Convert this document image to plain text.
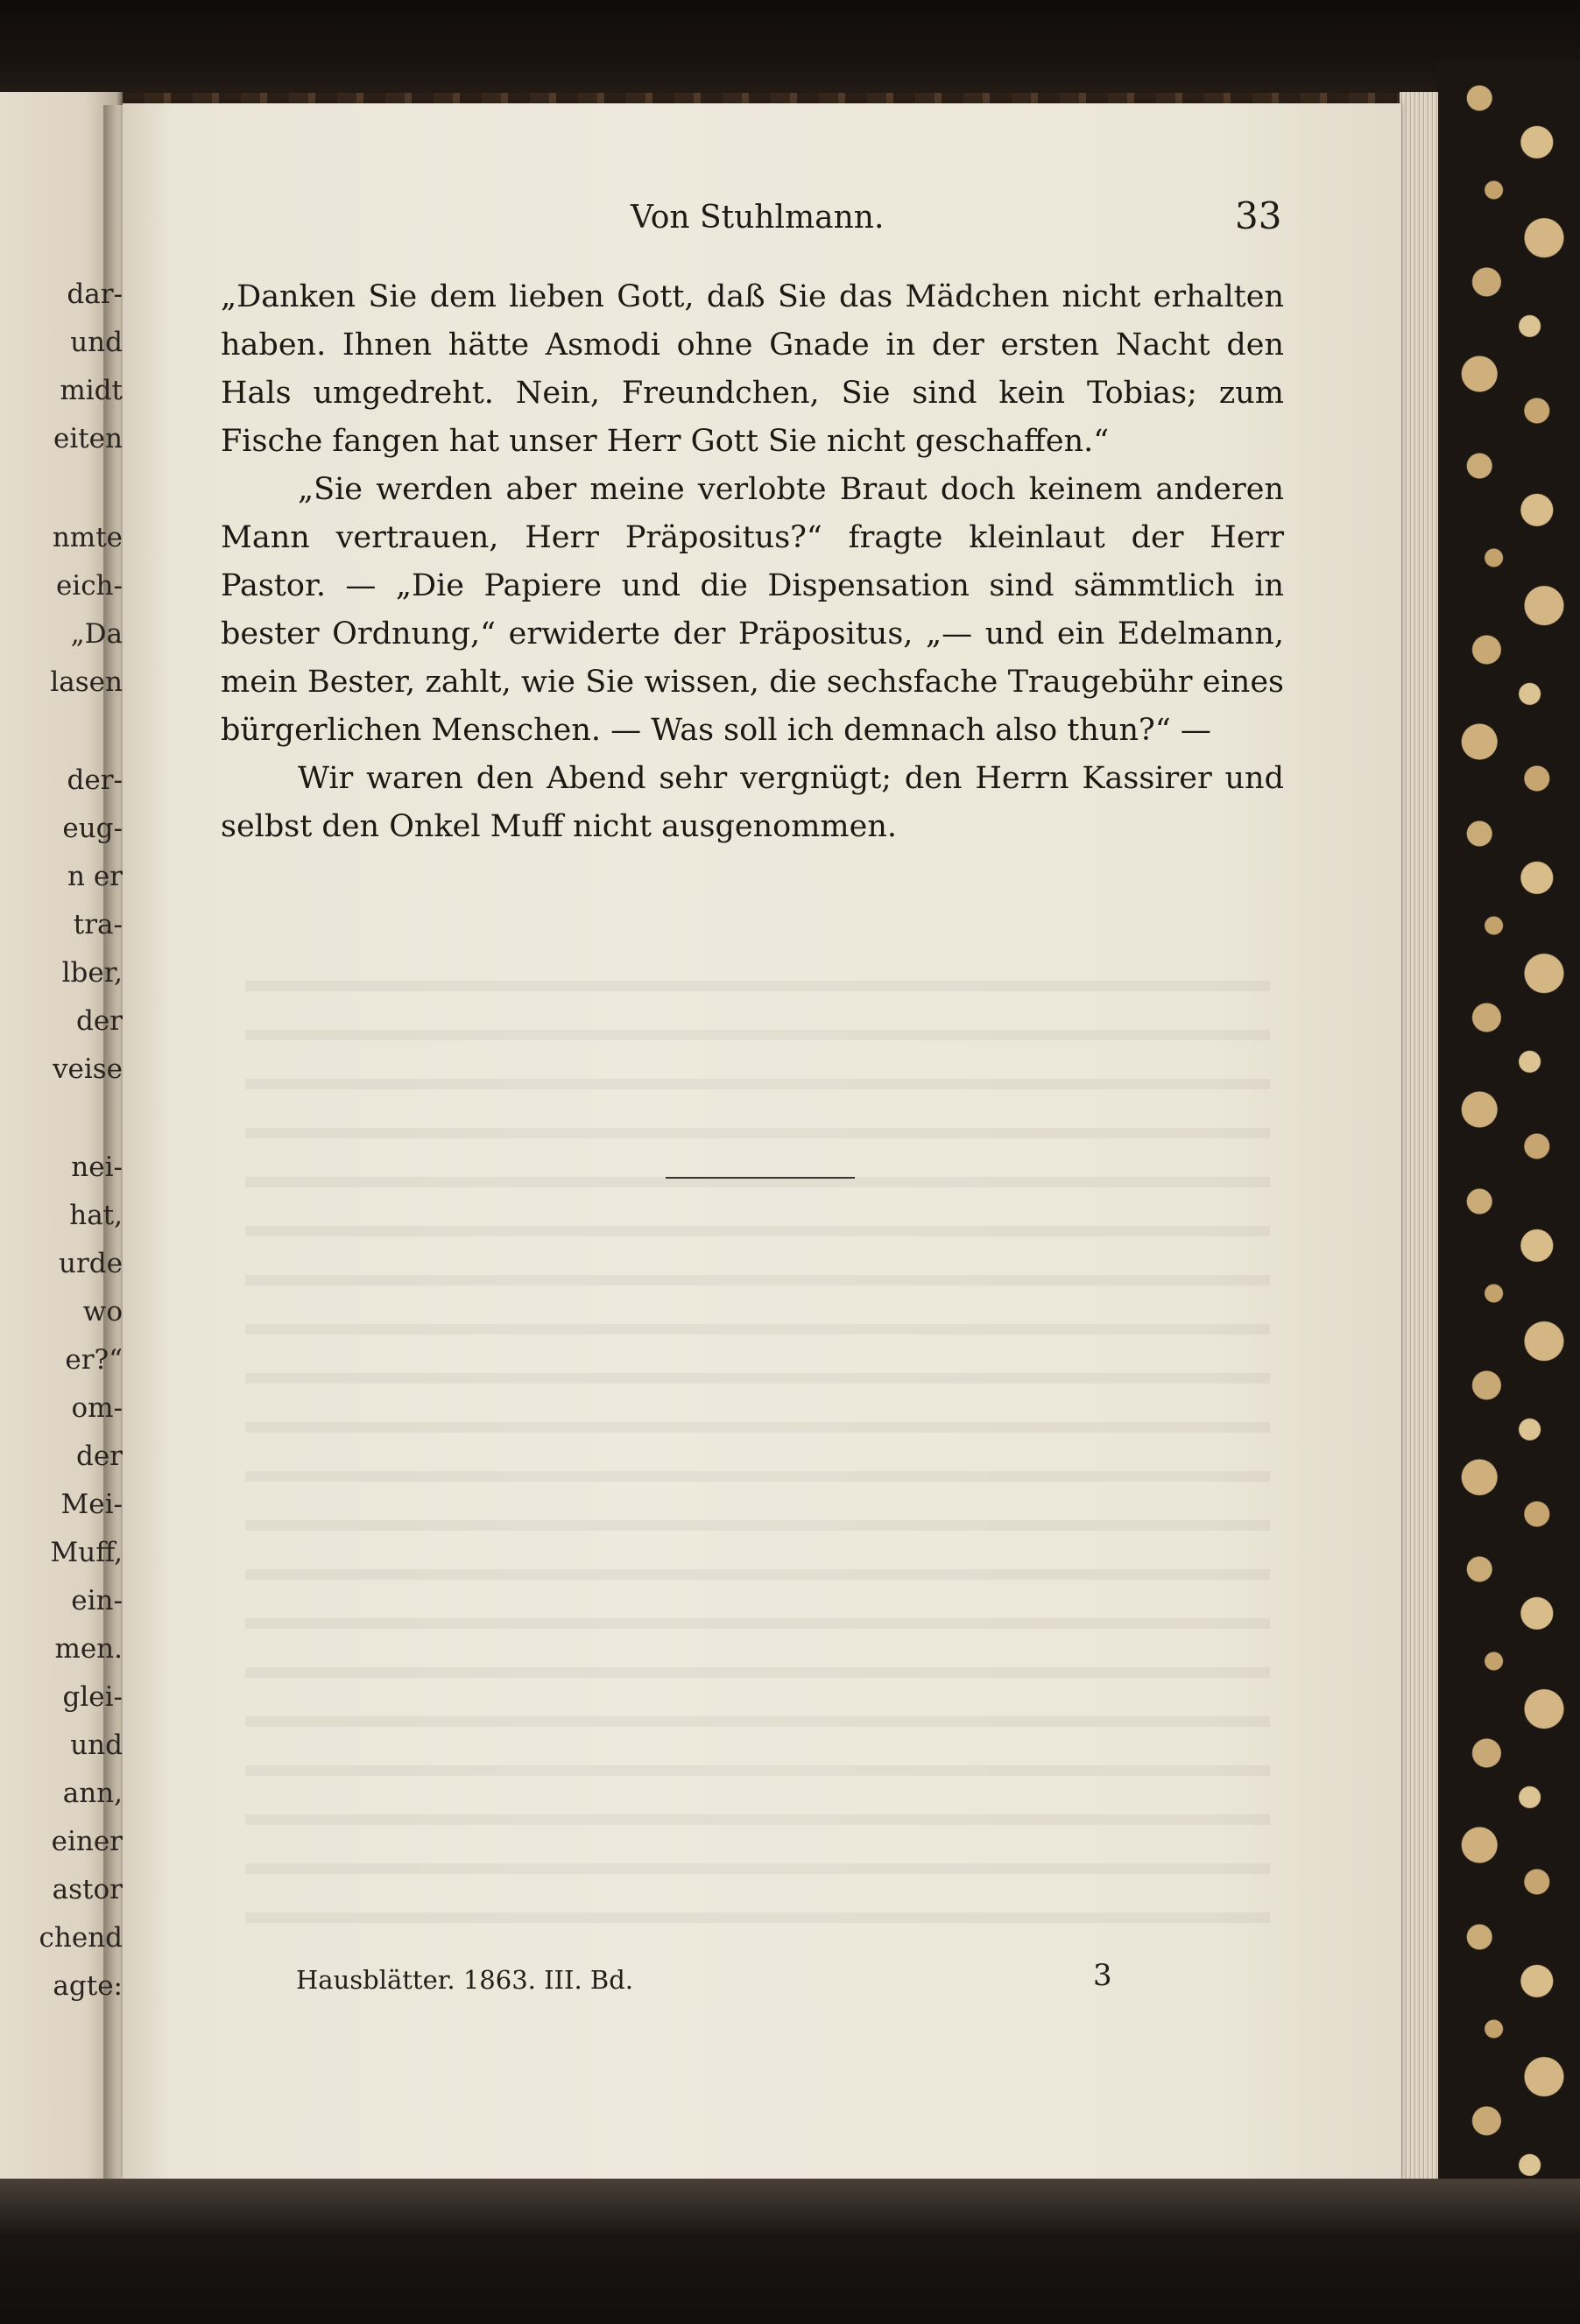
dar-

und

midt

eiten

nmte

eich-

„Da

lasen

der-

eug-

n er

tra-

lber,

der

veise

nei-

hat,

urde

wo

er?“

om-

der

Mei-

Muff,

ein-

men.

glei-

und

ann,

einer

astor

chend

agte:

Von Stuhlmann.	33

„Danken Sie dem lieben Gott, daß Sie das Mädchen nicht erhalten haben. Ihnen hätte Asmodi ohne Gnade in der ersten Nacht den Hals umgedreht. Nein, Freundchen, Sie sind kein Tobias; zum Fische fangen hat unser Herr Gott Sie nicht geschaffen.“

„Sie werden aber meine verlobte Braut doch keinem anderen Mann vertrauen, Herr Präpositus?“ fragte kleinlaut der Herr Pastor. — „Die Papiere und die Dispensation sind sämmtlich in bester Ordnung,“ erwiderte der Präpositus, „— und ein Edelmann, mein Bester, zahlt, wie Sie wissen, die sechsfache Traugebühr eines bürgerlichen Menschen. — Was soll ich demnach also thun?“ —

Wir waren den Abend sehr vergnügt; den Herrn Kassirer und selbst den Onkel Muff nicht ausgenommen.

Hausblätter. 1863. III. Bd.	3
